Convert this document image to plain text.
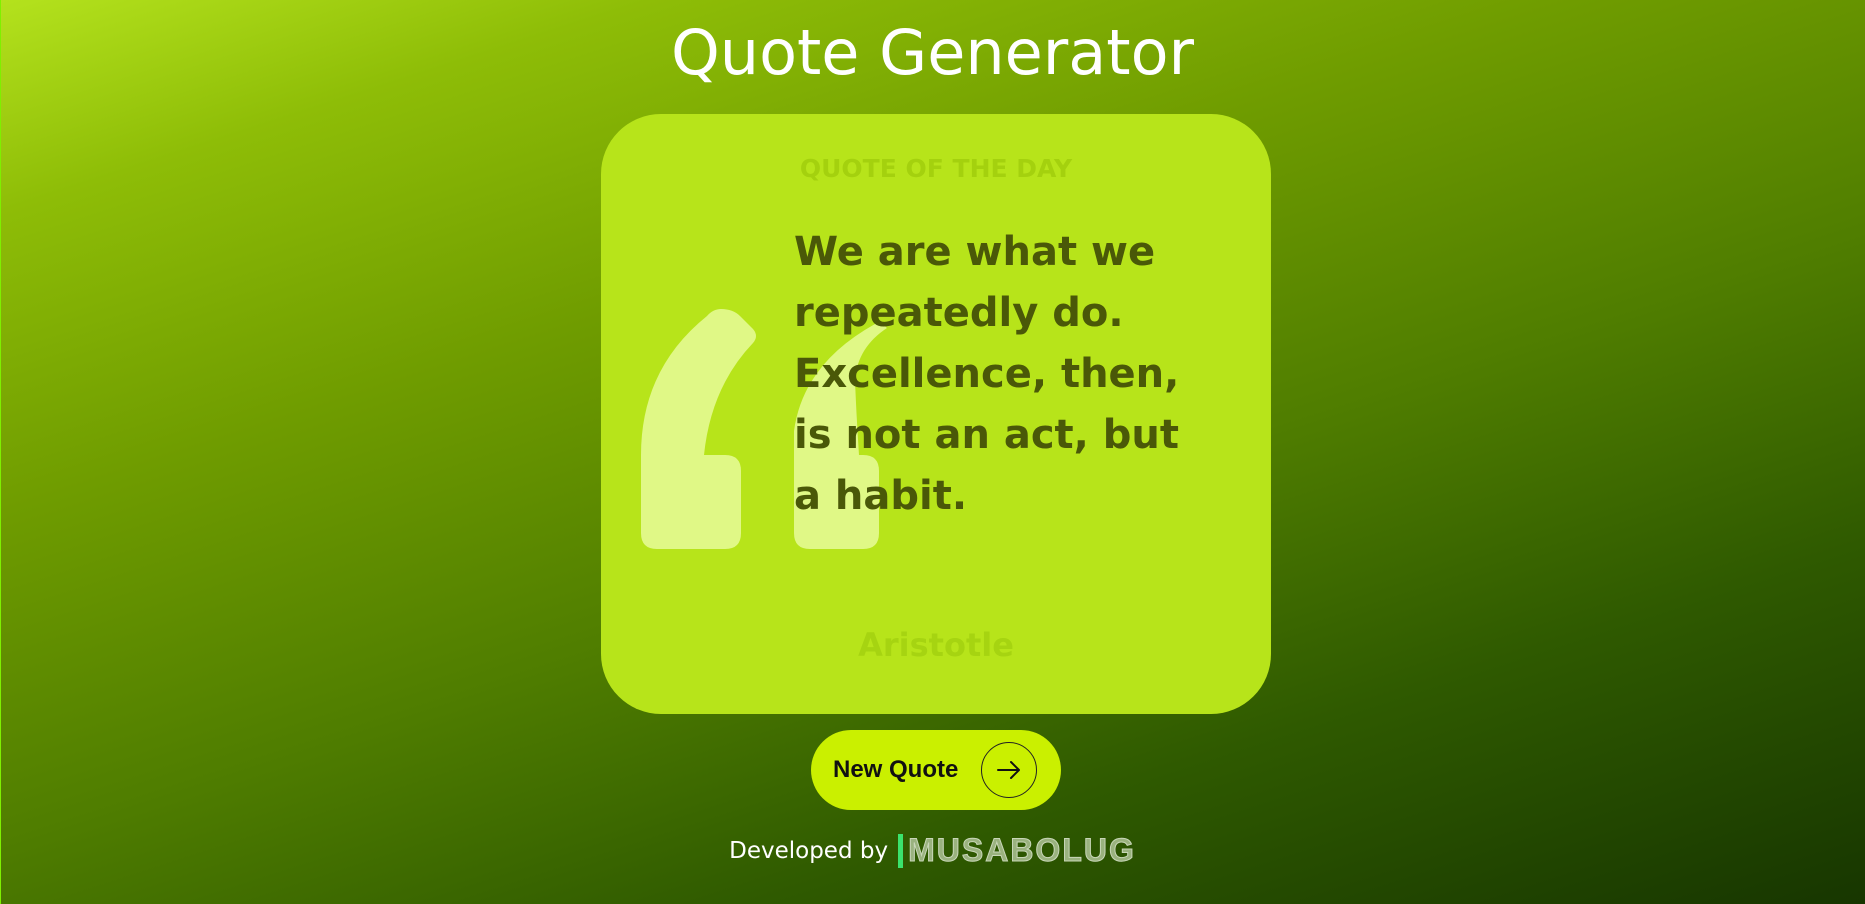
Quote Generator
QUOTE OF THE DAY
We are what we
repeatedly do.
Excellence, then,
is not an act, but
a habit.
Aristotle
New Quote
Developed by MUSABOLUG
